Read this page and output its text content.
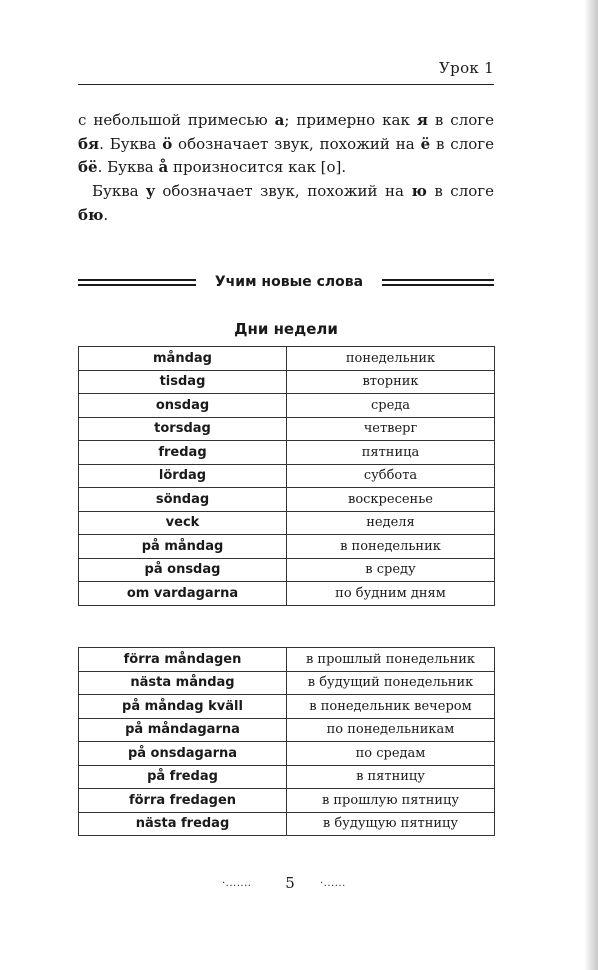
Урок 1
с небольшой примесью а; примерно как я в слоге бя. Буква ö обозначает звук, похожий на ё в слоге бё. Буква å произносится как [о].
Буква y обозначает звук, похожий на ю в слоге бю.
Учим новые слова
Дни недели
måndag	понедельник
tisdag	вторник
onsdag	среда
torsdag	четверг
fredag	пятница
lördag	суббота
söndag	воскресенье
veck	неделя
på måndag	в понедельник
på onsdag	в среду
om vardagarna	по будним дням
förra måndagen	в прошлый понедельник
nästa måndag	в будущий понедельник
på måndag kväll	в понедельник вечером
på måndagarna	по понедельникам
på onsdagarna	по средам
på fredag	в пятницу
förra fredagen	в прошлую пятницу
nästa fredag	в будущую пятницу
·....... 5	·......
